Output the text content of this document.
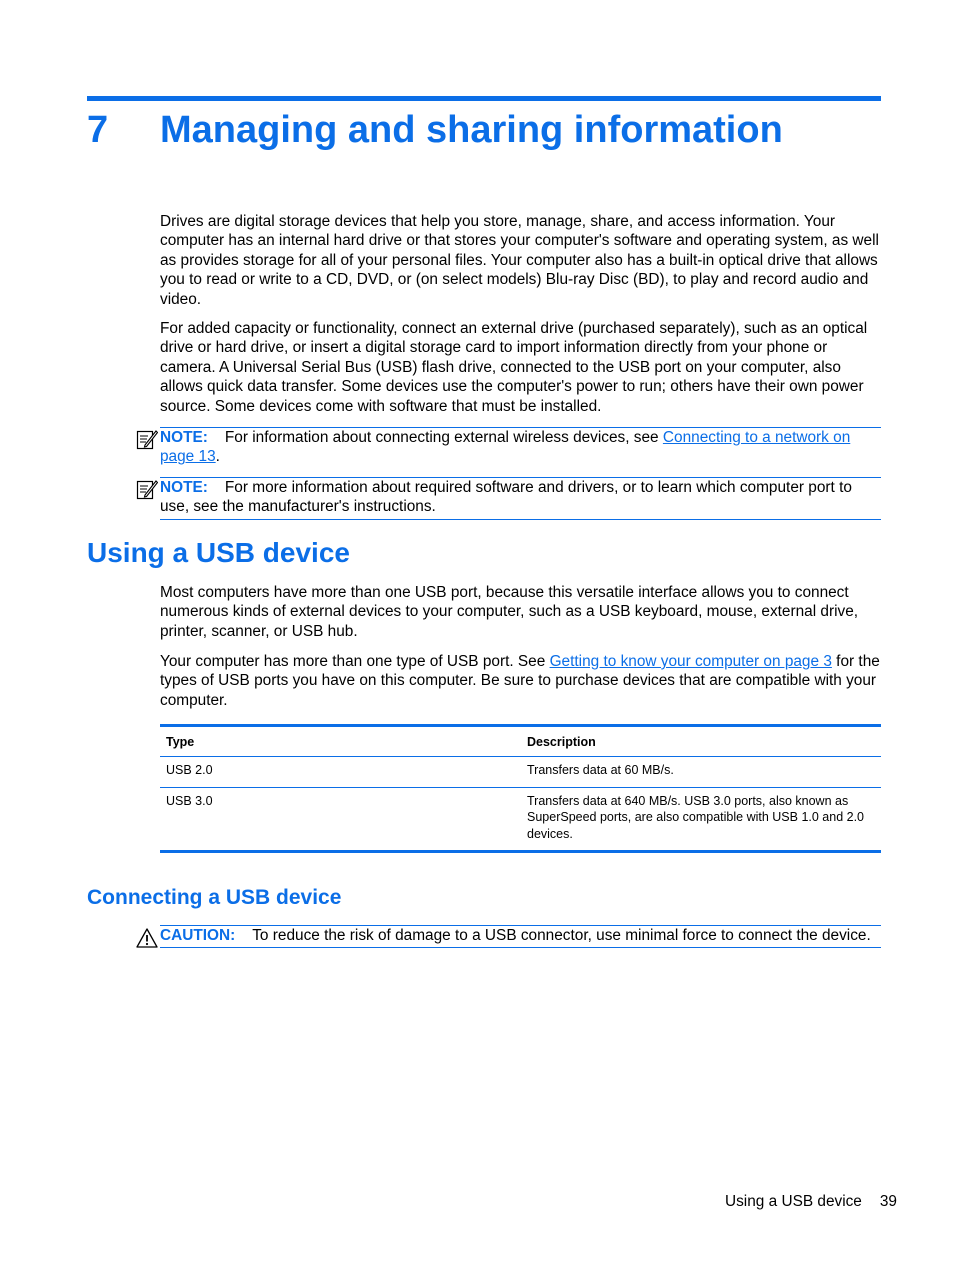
7 Managing and sharing information

Drives are digital storage devices that help you store, manage, share, and access information. Your computer has an internal hard drive or that stores your computer's software and operating system, as well as provides storage for all of your personal files. Your computer also has a built-in optical drive that allows you to read or write to a CD, DVD, or (on select models) Blu-ray Disc (BD), to play and record audio and video.

For added capacity or functionality, connect an external drive (purchased separately), such as an optical drive or hard drive, or insert a digital storage card to import information directly from your phone or camera. A Universal Serial Bus (USB) flash drive, connected to the USB port on your computer, also allows quick data transfer. Some devices use the computer's power to run; others have their own power source. Some devices come with software that must be installed.

NOTE: For information about connecting external wireless devices, see Connecting to a network on page 13.
NOTE: For more information about required software and drivers, or to learn which computer port to use, see the manufacturer's instructions.
Using a USB device

Most computers have more than one USB port, because this versatile interface allows you to connect numerous kinds of external devices to your computer, such as a USB keyboard, mouse, external drive, printer, scanner, or USB hub.

Your computer has more than one type of USB port. See Getting to know your computer on page 3 for the types of USB ports you have on this computer. Be sure to purchase devices that are compatible with your computer.

Type	Description
USB 2.0	Transfers data at 60 MB/s.
USB 3.0	Transfers data at 640 MB/s. USB 3.0 ports, also known as SuperSpeed ports, are also compatible with USB 1.0 and 2.0 devices.
Connecting a USB device
CAUTION: To reduce the risk of damage to a USB connector, use minimal force to connect the device.
Using a USB device 39
